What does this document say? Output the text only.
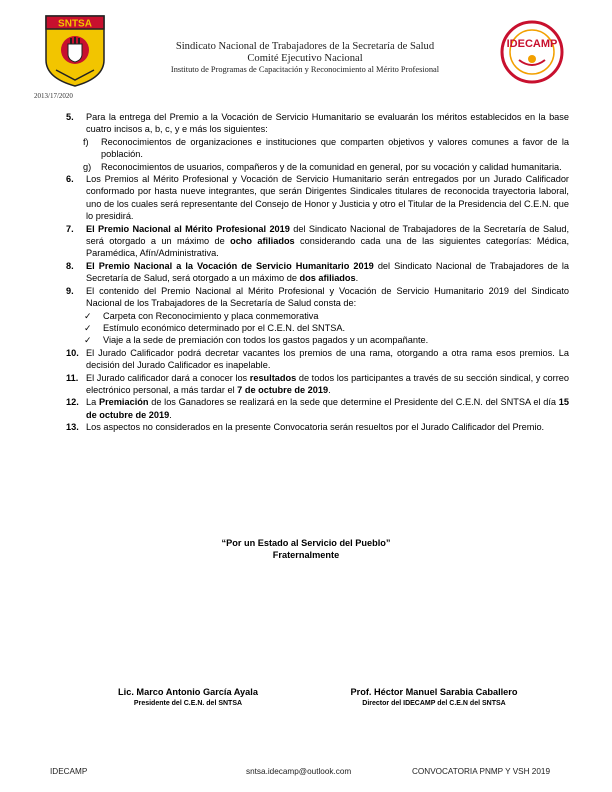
SNTSA
2013/17/2020
Sindicato Nacional de Trabajadores de la Secretaría de Salud
Comité Ejecutivo Nacional
Instituto de Programas de Capacitación y Reconocimiento al Mérito Profesional
IDECAMP
5. Para la entrega del Premio a la Vocación de Servicio Humanitario se evaluarán los méritos establecidos en la base cuatro incisos a, b, c, y e más los siguientes:
f) Reconocimientos de organizaciones e instituciones que comparten objetivos y valores comunes a favor de la población.
g) Reconocimientos de usuarios, compañeros y de la comunidad en general, por su vocación y calidad humanitaria.
6. Los Premios al Mérito Profesional y Vocación de Servicio Humanitario serán entregados por un Jurado Calificador conformado por hasta nueve integrantes, que serán Dirigentes Sindicales titulares de reconocida trayectoria laboral, uno de los cuales será representante del Consejo de Honor y Justicia y otro el Titular de la Presidencia del C.E.N. que lo presidirá.
7. El Premio Nacional al Mérito Profesional 2019 del Sindicato Nacional de Trabajadores de la Secretaría de Salud, será otorgado a un máximo de ocho afiliados considerando cada una de las siguientes categorías: Médica, Paramédica, Afín/Administrativa.
8. El Premio Nacional a la Vocación de Servicio Humanitario 2019 del Sindicato Nacional de Trabajadores de la Secretaría de Salud, será otorgado a un máximo de dos afiliados.
9. El contenido del Premio Nacional al Mérito Profesional y Vocación de Servicio Humanitario 2019 del Sindicato Nacional de los Trabajadores de la Secretaría de Salud consta de:
✓ Carpeta con Reconocimiento y placa conmemorativa
✓ Estímulo económico determinado por el C.E.N. del SNTSA.
✓ Viaje a la sede de premiación con todos los gastos pagados y un acompañante.
10. El Jurado Calificador podrá decretar vacantes los premios de una rama, otorgando a otra rama esos premios. La decisión del Jurado Calificador es inapelable.
11. El Jurado calificador dará a conocer los resultados de todos los participantes a través de su sección sindical, y correo electrónico personal, a más tardar el 7 de octubre de 2019.
12. La Premiación de los Ganadores se realizará en la sede que determine el Presidente del C.E.N. del SNTSA el día 15 de octubre de 2019.
13. Los aspectos no considerados en la presente Convocatoria serán resueltos por el Jurado Calificador del Premio.
“Por un Estado al Servicio del Pueblo”
Fraternalmente
Lic. Marco Antonio García Ayala
Presidente del C.E.N. del SNTSA
Prof. Héctor Manuel Sarabia Caballero
Director del IDECAMP del C.E.N del SNTSA
IDECAMP	sntsa.idecamp@outlook.com	CONVOCATORIA PNMP Y VSH 2019
